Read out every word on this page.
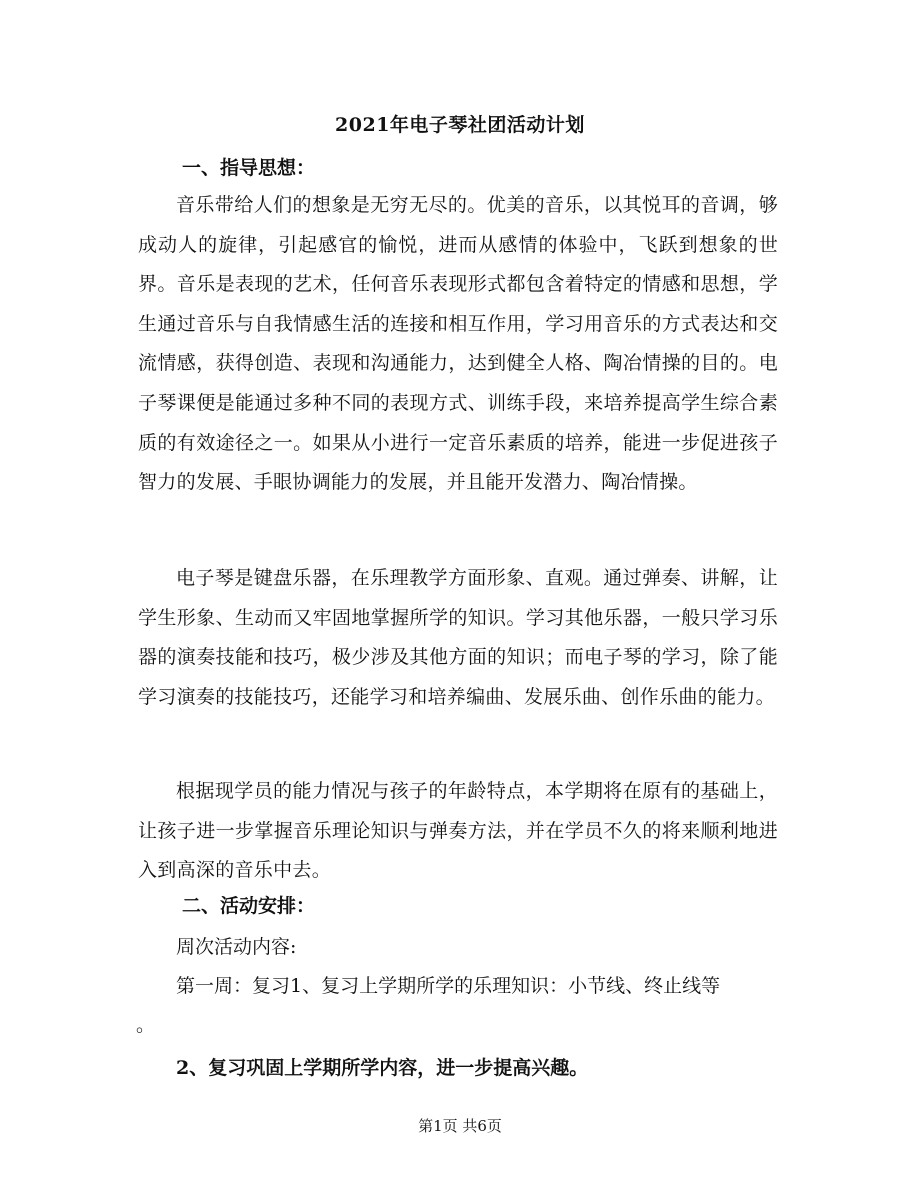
2021年电子琴社团活动计划
一、指导思想：
音乐带给人们的想象是无穷无尽的。优美的音乐，以其悦耳的音调，够成动人的旋律，引起感官的愉悦，进而从感情的体验中，飞跃到想象的世界。音乐是表现的艺术，任何音乐表现形式都包含着特定的情感和思想，学生通过音乐与自我情感生活的连接和相互作用，学习用音乐的方式表达和交流情感，获得创造、表现和沟通能力，达到健全人格、陶冶情操的目的。电子琴课便是能通过多种不同的表现方式、训练手段，来培养提高学生综合素质的有效途径之一。如果从小进行一定音乐素质的培养，能进一步促进孩子智力的发展、手眼协调能力的发展，并且能开发潜力、陶冶情操。
电子琴是键盘乐器，在乐理教学方面形象、直观。通过弹奏、讲解，让学生形象、生动而又牢固地掌握所学的知识。学习其他乐器，一般只学习乐器的演奏技能和技巧，极少涉及其他方面的知识；而电子琴的学习，除了能学习演奏的技能技巧，还能学习和培养编曲、发展乐曲、创作乐曲的能力。
根据现学员的能力情况与孩子的年龄特点，本学期将在原有的基础上，让孩子进一步掌握音乐理论知识与弹奏方法，并在学员不久的将来顺利地进入到高深的音乐中去。
二、活动安排：
周次活动内容:
第一周：复习1、复习上学期所学的乐理知识：小节线、终止线等
。
2、复习巩固上学期所学内容，进一步提高兴趣。
第1页 共6页
